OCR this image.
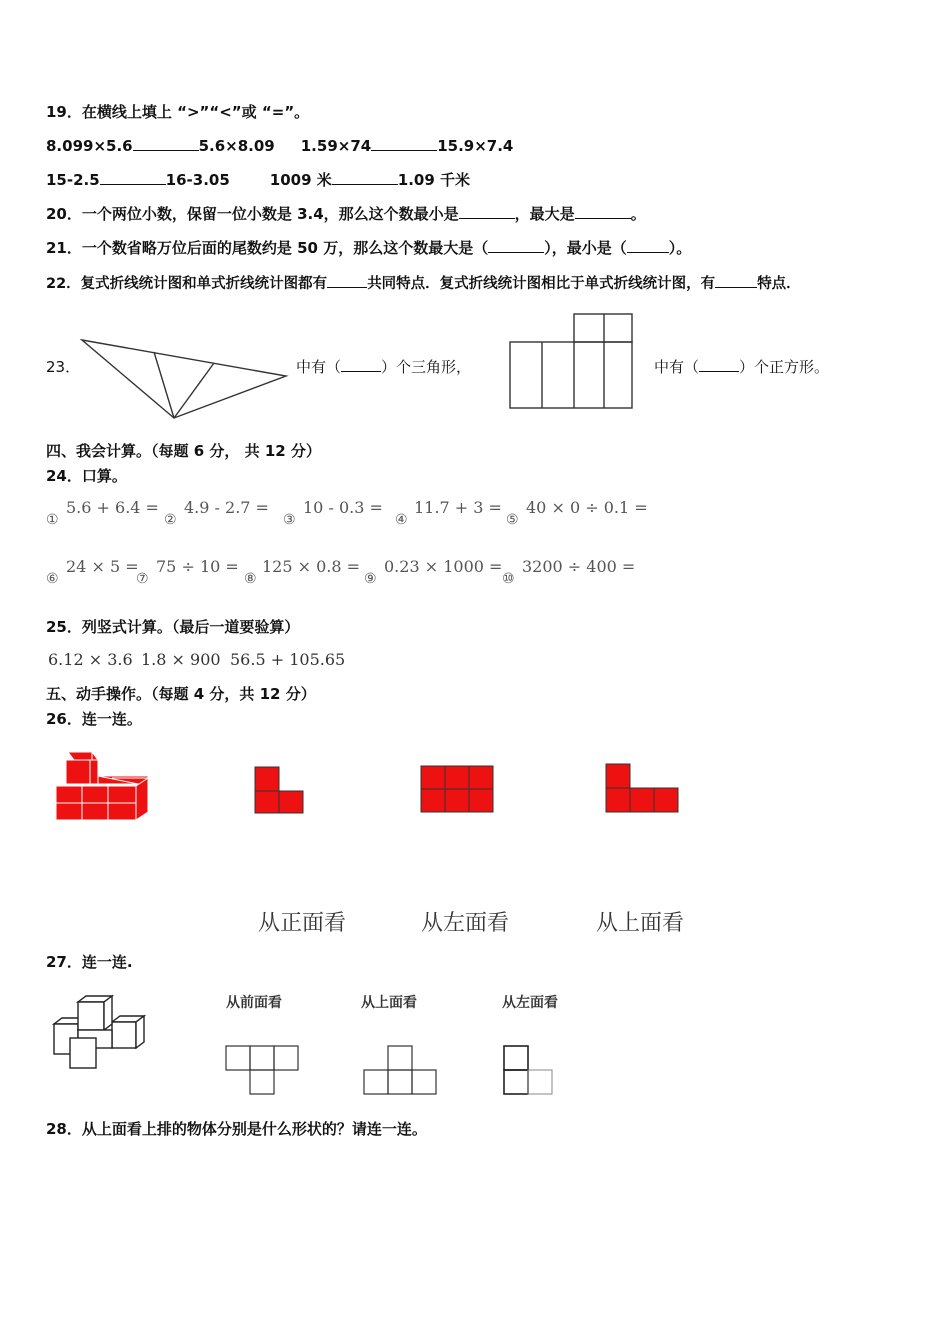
19．在横线上填上 “>”“<”或 “=”。
8.099×5.6	5.6×8.09 1.59×74	15.9×7.4
15-2.5	16-3.05	1009 米	1.09 千米
20．一个两位小数，保留一位小数是 3.4，那么这个数最小是	，最大是	。
21．一个数省略万位后面的尾数约是 50 万，那么这个数最大是（	），最小是（	）。
22．复式折线统计图和单式折线统计图都有	共同特点．复式折线统计图相比于单式折线统计图，有	特点．
23．	中有（	）个三角形，	中有（	）个正方形。
四、我会计算。（每题 6 分， 共 12 分）
24．口算。
①
5.6 + 6.4 =
②
4.9 - 2.7 =
③
10 - 0.3 =
④
11.7 + 3 =
⑤
40 × 0 ÷ 0.1 =
⑥
24 × 5 =
⑦
75 ÷ 10 =
⑧
125 × 0.8 =
⑨
0.23 × 1000 =
⑩
3200 ÷ 400 =
25．列竖式计算。（最后一道要验算）
6.12 × 3.6 1.8 × 900 56.5 + 105.65
五、动手操作。（每题 4 分，共 12 分）
26．连一连。
从正面看	从左面看	从上面看
27．连一连.
从前面看	从上面看	从左面看
28．从上面看上排的物体分别是什么形状的？请连一连。
